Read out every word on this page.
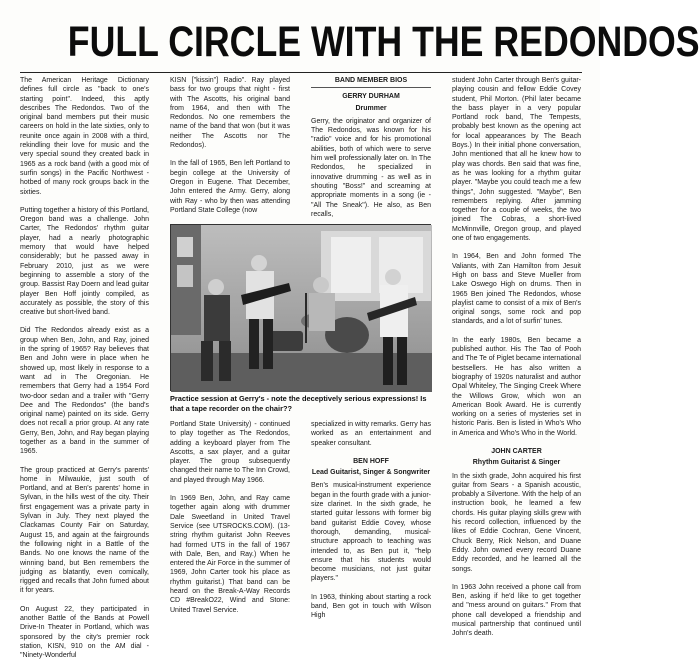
FULL CIRCLE WITH THE REDONDOS

The American Heritage Dictionary defines full circle as "back to one's starting point". Indeed, this aptly describes The Redondos. Two of the original band members put their music careers on hold in the late sixties, only to reunite once again in 2008 with a third, rekindling their love for music and the very special sound they created back in 1965 as a rock band (with a good mix of surfin songs) in the Pacific Northwest - hotbed of many rock groups back in the sixties.

Putting together a history of this Portland, Oregon band was a challenge. John Carter, The Redondos' rhythm guitar player, had a nearly photographic memory that would have helped considerably; but he passed away in February 2010, just as we were beginning to assemble a story of the group. Bassist Ray Doern and lead guitar player Ben Hoff jointly compiled, as accurately as possible, the story of this creative but short-lived band.

Did The Redondos already exist as a group when Ben, John, and Ray, joined in the spring of 1965? Ray believes that Ben and John were in place when he showed up, most likely in response to a want ad in The Oregonian. He remembers that Gerry had a 1954 Ford two-door sedan and a trailer with "Gerry Dee and The Redondos" (the band's original name) painted on its side. Gerry does not recall a prior group. At any rate Gerry, Ben, John, and Ray began playing together as a band in the summer of 1965.

The group practiced at Gerry's parents' home in Milwaukie, just south of Portland, and at Ben's parents' home in Sylvan, in the hills west of the city. Their first engagement was a private party in Sylvan in July. They next played the Clackamas County Fair on Saturday, August 15, and again at the fairgrounds the following night in a Battle of the Bands. No one knows the name of the winning band, but Ben remembers the judging as blatantly, even comically, rigged and recalls that John fumed about it for years.

On August 22, they participated in another Battle of the Bands at Powell Drive-In Theater in Portland, which was sponsored by the city's premier rock station, KISN, 910 on the AM dial - "Ninety-Wonderful

KISN ["kissin"] Radio". Ray played bass for two groups that night - first with The Ascotts, his original band from 1964, and then with The Redondos. No one remembers the name of the band that won (but it was neither The Ascotts nor The Redondos).

In the fall of 1965, Ben left Portland to begin college at the University of Oregon in Eugene. That December, John entered the Army. Gerry, along with Ray - who by then was attending Portland State College (now

BAND MEMBER BIOS
GERRY DURHAM
Drummer

Gerry, the originator and organizer of The Redondos, was known for his "radio" voice and for his promotional abilities, both of which were to serve him well professionally later on. In The Redondos, he specialized in innovative drumming - as well as in shouting "Boss!" and screaming at appropriate moments in a song (ie - "All The Sneak"). He also, as Ben recalls,

Practice session at Gerry's - note the deceptively serious expressions! Is that a tape recorder on the chair??

Portland State University) - continued to play together as The Redondos, adding a keyboard player from The Ascotts, a sax player, and a guitar player. The group subsequently changed their name to The Inn Crowd, and played through May 1966.

In 1969 Ben, John, and Ray came together again along with drummer Dale Sweetland in United Travel Service (see UTSROCKS.COM). (13-string rhythm guitarist John Reeves had formed UTS in the fall of 1967 with Dale, Ben, and Ray.) When he entered the Air Force in the summer of 1969, John Carter took his place as rhythm guitarist.) That band can be heard on the Break-A-Way Records CD #BreakO22, Wind and Stone: United Travel Service.

specialized in witty remarks. Gerry has worked as an entertainment and speaker consultant.

BEN HOFF
Lead Guitarist, Singer & Songwriter

Ben's musical-instrument experience began in the fourth grade with a junior-size clarinet. In the sixth grade, he started guitar lessons with former big band guitarist Eddie Covey, whose thorough, demanding, musical-structure approach to teaching was intended to, as Ben put it, "help ensure that his students would become musicians, not just guitar players."

In 1963, thinking about starting a rock band, Ben got in touch with Wilson High

student John Carter through Ben's guitar-playing cousin and fellow Eddie Covey student, Phil Morton. (Phil later became the bass player in a very popular Portland rock band, The Tempests, probably best known as the opening act for local appearances by The Beach Boys.) In their initial phone conversation, John mentioned that all he knew how to play was chords. Ben said that was fine, as he was looking for a rhythm guitar player. "Maybe you could teach me a few things", John suggested. "Maybe", Ben remembers replying. After jamming together for a couple of weeks, the two joined The Cobras, a short-lived McMinnville, Oregon group, and played one of two engagements.

In 1964, Ben and John formed The Valiants, with Zan Hamilton from Jesuit High on bass and Steve Mueller from Lake Oswego High on drums. Then in 1965 Ben joined The Redondos, whose playlist came to consist of a mix of Ben's original songs, some rock and pop standards, and a lot of surfin' tunes.

In the early 1980s, Ben became a published author. His The Tao of Pooh and The Te of Piglet became international bestsellers. He has also written a biography of 1920s naturalist and author Opal Whiteley, The Singing Creek Where the Willows Grow, which won an American Book Award. He is currently working on a series of mysteries set in historic Paris. Ben is listed in Who's Who in America and Who's Who in the World.

JOHN CARTER
Rhythm Guitarist & Singer

In the sixth grade, John acquired his first guitar from Sears - a Spanish acoustic, probably a Silvertone. With the help of an instruction book, he learned a few chords. His guitar playing skills grew with his record collection, influenced by the likes of Eddie Cochran, Gene Vincent, Chuck Berry, Rick Nelson, and Duane Eddy. John owned every record Duane Eddy recorded, and he learned all the songs.

In 1963 John received a phone call from Ben, asking if he'd like to get together and "mess around on guitars." From that phone call developed a friendship and musical partnership that continued until John's death.
